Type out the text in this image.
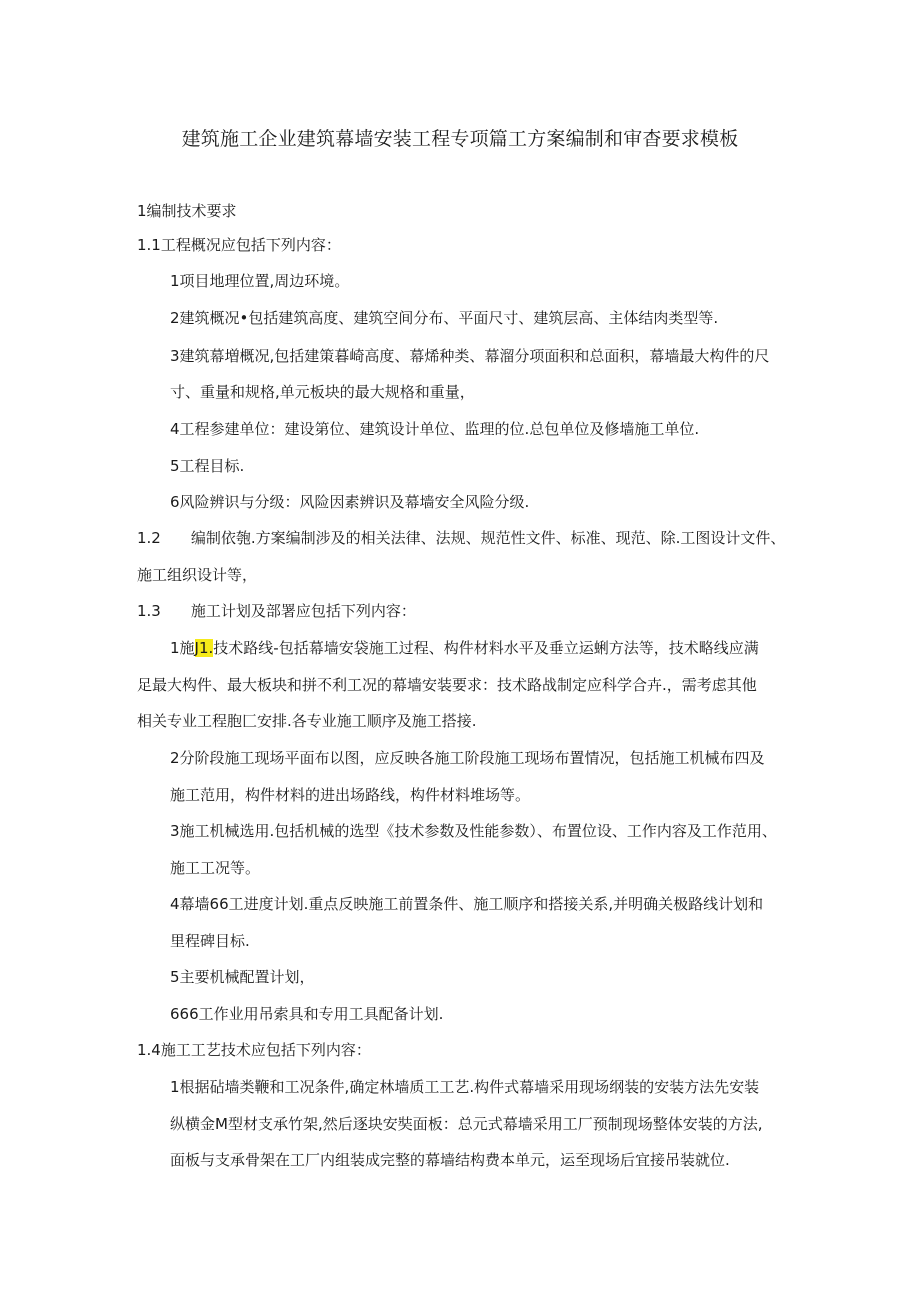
建筑施工企业建筑幕墙安装工程专项篇工方案编制和审杳要求模板

1编制技术要求

1.1工程概况应包括下列内容：

1项目地理位置,周边环境。

2建筑概况•包括建筑高度、建筑空间分布、平面尺寸、建筑层高、主体结肉类型等.

3建筑幕増概况,包括建策暮崎高度、幕烯种类、幕溜分项面积和总面积，幕墙最大构件的尺

寸、重量和规格,单元板块的最大规格和重量，

4工程参建单位：建设第位、建筑设计单位、监理的位.总包单位及修墙施工单位.

5工程目标.

6风险辨识与分级：风险因素辨识及幕墙安全风险分级.

1.2  编制依匏.方案编制涉及的相关法律、法规、规范性文件、标准、现范、除.工图设计文件、

施工组织设计等，

1.3  施工计划及部署应包括下列内容：

1施J1.技术路线-包括幕墙安袋施工过程、构件材料水平及垂立运蜊方法等，技术略线应满

足最大构件、最大板块和拼不利工况的幕墙安装要求：技术路战制定应科学合卉.，需考虑其他

相关专业工程胞匚安排.各专业施工顺序及施工搭接.

2分阶段施工现场平面布以图，应反映各施工阶段施工现场布置情况，包括施工机械布四及

施工范用，构件材料的进出场路线，构件材料堆场等。

3施工机械选用.包括机械的选型《技术参数及性能参数）、布置位设、工作内容及工作范用、

施工工况等。

4幕墙66工进度计划.重点反映施工前置条件、施工顺序和搭接关系,并明确关极路线计划和

里程碑目标.

5主要机械配置计划，

666工作业用吊索具和专用工具配备计划.

1.4施工工艺技术应包括下列内容：

1根据砧墙类鞭和工况条件,确定林墙质工工艺.构件式幕墙采用现场纲装的安装方法先安装

纵横金M型材支承竹架,然后逐块安奘面板：总元式幕墙采用工厂预制现场整体安装的方法,

面板与支承骨架在工厂内组装成完整的幕墙结构费本单元，运至现场后宜接吊装就位.
